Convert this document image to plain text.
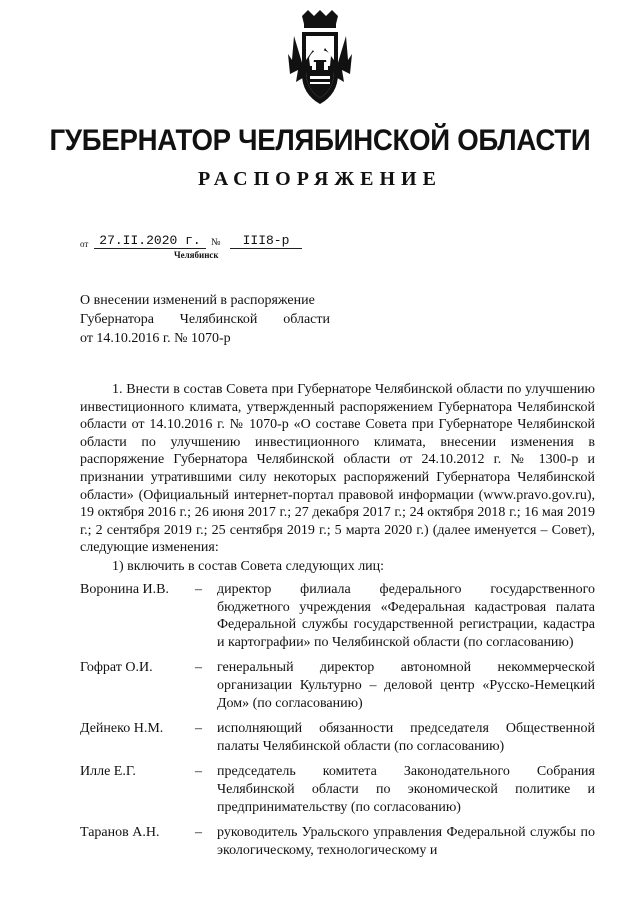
ГУБЕРНАТОР ЧЕЛЯБИНСКОЙ ОБЛАСТИ
РАСПОРЯЖЕНИЕ
от 27.II.2020 г.	№	III8-р
Челябинск
О внесении изменений в распоряжение
Губернатора Челябинской области
от 14.10.2016 г. № 1070-р

1. Внести в состав Совета при Губернаторе Челябинской области по улучшению инвестиционного климата, утвержденный распоряжением Губернатора Челябинской области от 14.10.2016 г. № 1070-р «О составе Совета при Губернаторе Челябинской области по улучшению инвестиционного климата, внесении изменения в распоряжение Губернатора Челябинской области от 24.10.2012 г. № 1300-р и признании утратившими силу некоторых распоряжений Губернатора Челябинской области» (Официальный интернет-портал правовой информации (www.pravo.gov.ru), 19 октября 2016 г.; 26 июня 2017 г.; 27 декабря 2017 г.; 24 октября 2018 г.; 16 мая 2019 г.; 2 сентября 2019 г.; 25 сентября 2019 г.; 5 марта 2020 г.) (далее именуется – Совет), следующие изменения:

1) включить в состав Совета следующих лиц:

Воронина И.В.	–	директор филиала федерального государственного бюджетного учреждения «Федеральная кадастровая палата Федеральной службы государственной регистрации, кадастра и картографии» по Челябинской области (по согласованию)
Гофрат О.И.	–	генеральный директор автономной некоммерческой организации Культурно – деловой центр «Русско-Немецкий Дом» (по согласованию)
Дейнеко Н.М.	–	исполняющий обязанности председателя Общественной палаты Челябинской области (по согласованию)
Илле Е.Г.	–	председатель комитета Законодательного Собрания Челябинской области по экономической политике и предпринимательству (по согласованию)
Таранов А.Н.	–	руководитель Уральского управления Федеральной службы по экологическому, технологическому и
